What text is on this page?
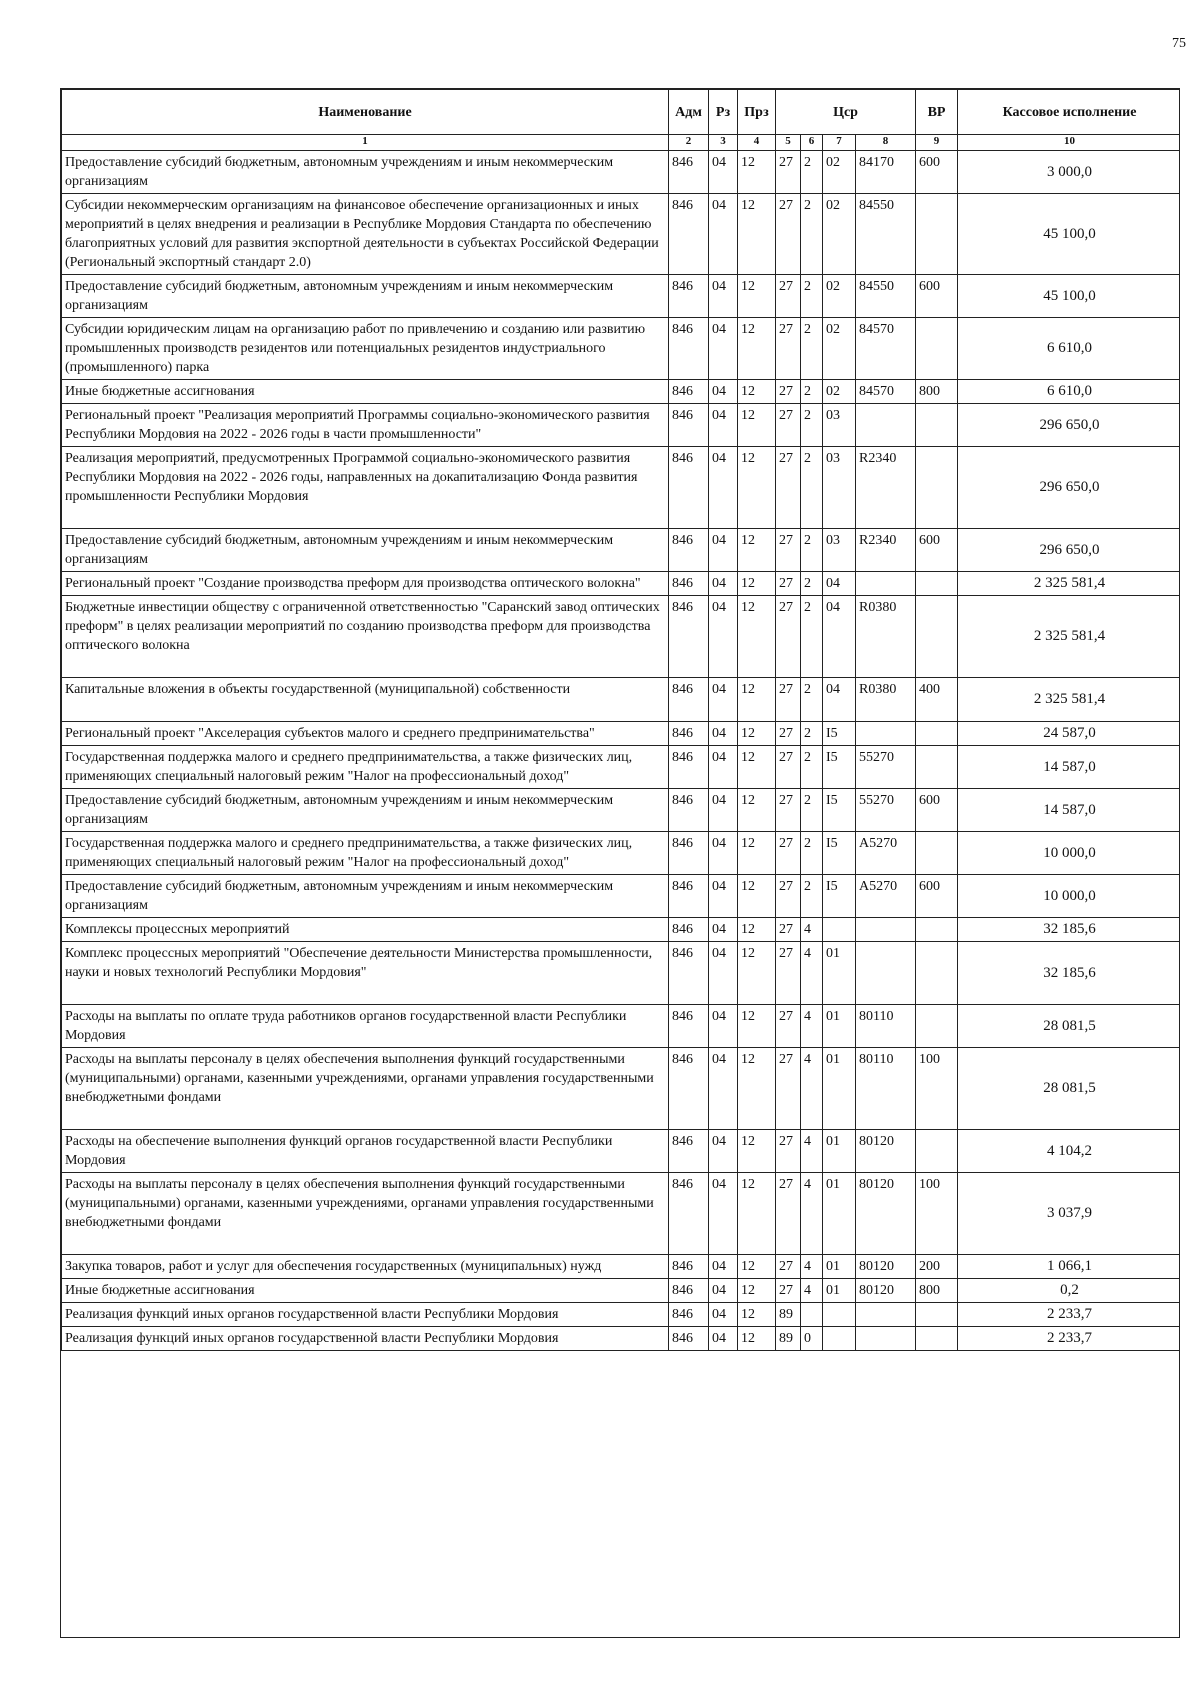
75
Наименование	Адм	Рз	Прз	Цср				ВР	Кассовое исполнение
1	2	3	4	5	6	7	8	9	10
Предоставление субсидий бюджетным, автономным учреждениям и иным некоммерческим организациям	846	04	12	27	2	02	84170	600	3 000,0
Субсидии некоммерческим организациям на финансовое обеспечение организационных и иных мероприятий в целях внедрения и реализации в Республике Мордовия Стандарта по обеспечению благоприятных условий для развития экспортной деятельности в субъектах Российской Федерации (Региональный экспортный стандарт 2.0)	846	04	12	27	2	02	84550		45 100,0
Предоставление субсидий бюджетным, автономным учреждениям и иным некоммерческим организациям	846	04	12	27	2	02	84550	600	45 100,0
Субсидии юридическим лицам на организацию работ по привлечению и созданию или развитию промышленных производств резидентов или потенциальных резидентов индустриального (промышленного) парка	846	04	12	27	2	02	84570		6 610,0
Иные бюджетные ассигнования	846	04	12	27	2	02	84570	800	6 610,0
Региональный проект "Реализация мероприятий Программы социально-экономического развития Республики Мордовия на 2022 - 2026 годы в части промышленности"	846	04	12	27	2	03			296 650,0
Реализация мероприятий, предусмотренных Программой социально-экономического развития Республики Мордовия на 2022 - 2026 годы, направленных на докапитализацию Фонда развития промышленности Республики Мордовия	846	04	12	27	2	03	R2340		296 650,0
Предоставление субсидий бюджетным, автономным учреждениям и иным некоммерческим организациям	846	04	12	27	2	03	R2340	600	296 650,0
Региональный проект "Создание производства преформ для производства оптического волокна"	846	04	12	27	2	04			2 325 581,4
Бюджетные инвестиции обществу с ограниченной ответственностью "Саранский завод оптических преформ" в целях реализации мероприятий по созданию производства преформ для производства оптического волокна	846	04	12	27	2	04	R0380		2 325 581,4
Капитальные вложения в объекты государственной (муниципальной) собственности	846	04	12	27	2	04	R0380	400	2 325 581,4
Региональный проект "Акселерация субъектов малого и среднего предпринимательства"	846	04	12	27	2	I5			24 587,0
Государственная поддержка малого и среднего предпринимательства, а также физических лиц, применяющих специальный налоговый режим "Налог на профессиональный доход"	846	04	12	27	2	I5	55270		14 587,0
Предоставление субсидий бюджетным, автономным учреждениям и иным некоммерческим организациям	846	04	12	27	2	I5	55270	600	14 587,0
Государственная поддержка малого и среднего предпринимательства, а также физических лиц, применяющих специальный налоговый режим "Налог на профессиональный доход"	846	04	12	27	2	I5	A5270		10 000,0
Предоставление субсидий бюджетным, автономным учреждениям и иным некоммерческим организациям	846	04	12	27	2	I5	A5270	600	10 000,0
Комплексы процессных мероприятий	846	04	12	27	4				32 185,6
Комплекс процессных мероприятий "Обеспечение деятельности Министерства промышленности, науки и новых технологий Республики Мордовия"	846	04	12	27	4	01			32 185,6
Расходы на выплаты по оплате труда работников органов государственной власти Республики Мордовия	846	04	12	27	4	01	80110		28 081,5
Расходы на выплаты персоналу в целях обеспечения выполнения функций государственными (муниципальными) органами, казенными учреждениями, органами управления государственными внебюджетными фондами	846	04	12	27	4	01	80110	100	28 081,5
Расходы на обеспечение выполнения функций органов государственной власти Республики Мордовия	846	04	12	27	4	01	80120		4 104,2
Расходы на выплаты персоналу в целях обеспечения выполнения функций государственными (муниципальными) органами, казенными учреждениями, органами управления государственными внебюджетными фондами	846	04	12	27	4	01	80120	100	3 037,9
Закупка товаров, работ и услуг для обеспечения государственных (муниципальных) нужд	846	04	12	27	4	01	80120	200	1 066,1
Иные бюджетные ассигнования	846	04	12	27	4	01	80120	800	0,2
Реализация функций иных органов государственной власти Республики Мордовия	846	04	12	89					2 233,7
Реализация функций иных органов государственной власти Республики Мордовия	846	04	12	89	0				2 233,7
